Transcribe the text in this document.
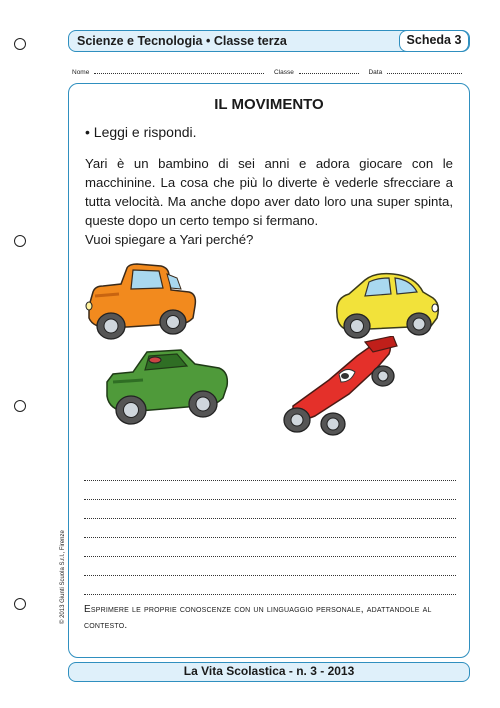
Scienze e Tecnologia • Classe terza	Scheda 3
Nome	Classe	Data
IL MOVIMENTO
• Leggi e rispondi.

Yari è un bambino di sei anni e adora giocare con le macchinine. La cosa che più lo diverte è vederle sfrecciare a tutta velocità. Ma anche dopo aver dato loro una super spinta, queste dopo un certo tempo si fermano.

Vuoi spiegare a Yari perché?

Esprimere le proprie conoscenze con un linguaggio personale, adattandole al contesto.
© 2013 Giunti Scuola S.r.l., Firenze
La Vita Scolastica - n. 3 - 2013
